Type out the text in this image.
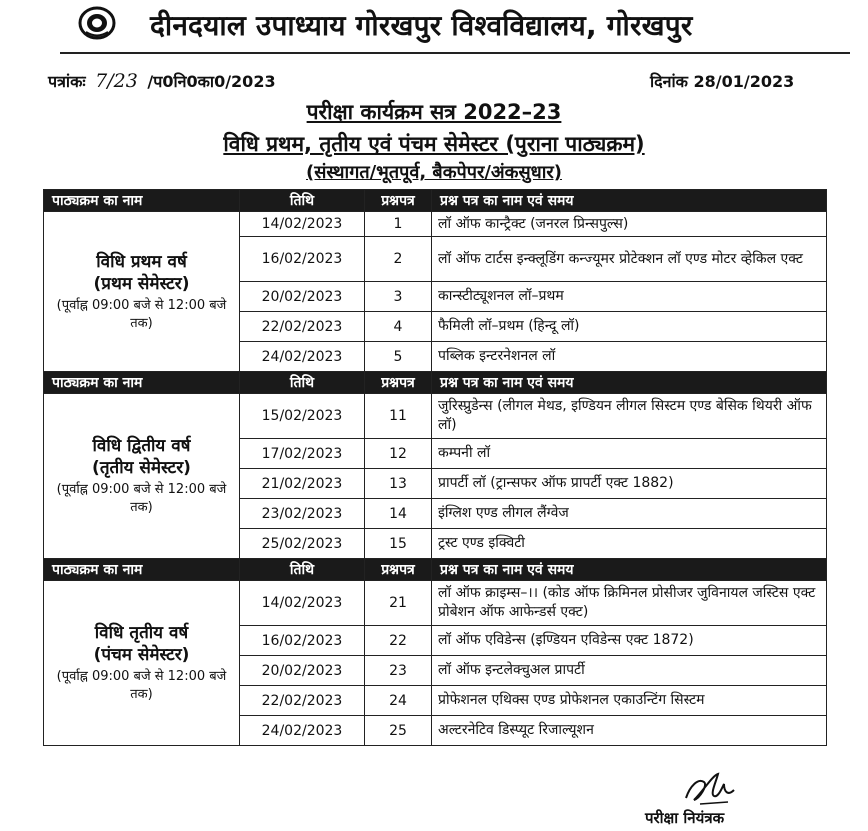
दीनदयाल उपाध्याय गोरखपुर विश्वविद्यालय, गोरखपुर
पत्रांकः 7/23 /प0नि0का0/2023	दिनांक 28/01/2023
परीक्षा कार्यक्रम सत्र 2022–23
विधि प्रथम, तृतीय एवं पंचम सेमेस्टर (पुराना पाठ्यक्रम)
(संस्थागत/भूतपूर्व, बैकपेपर/अंकसुधार)
पाठ्यक्रम का नाम	तिथि	प्रश्नपत्र	प्रश्न पत्र का नाम एवं समय

विधि प्रथम वर्ष
(प्रथम सेमेस्टर)
(पूर्वाह्न 09:00 बजे से 12:00 बजे तक)	14/02/2023	1	लॉ ऑफ कान्ट्रैक्ट (जनरल प्रिन्सपुल्स)
	16/02/2023	2	लॉ ऑफ टार्टस इन्क्लूडिंग कन्ज्यूमर प्रोटेक्शन लॉ एण्ड मोटर व्हेकिल एक्ट
	20/02/2023	3	कान्स्टीट्यूशनल लॉ–प्रथम
	22/02/2023	4	फैमिली लॉ–प्रथम (हिन्दू लॉ)
	24/02/2023	5	पब्लिक इन्टरनेशनल लॉ
पाठ्यक्रम का नाम	तिथि	प्रश्नपत्र	प्रश्न पत्र का नाम एवं समय

विधि द्वितीय वर्ष
(तृतीय सेमेस्टर)
(पूर्वाह्न 09:00 बजे से 12:00 बजे तक)	15/02/2023	11	जुरिस्प्रुडेन्स (लीगल मेथड, इण्डियन लीगल सिस्टम एण्ड बेसिक थियरी ऑफ लॉ)
	17/02/2023	12	कम्पनी लॉ
	21/02/2023	13	प्रापर्टी लॉ (ट्रान्सफर ऑफ प्रापर्टी एक्ट 1882)
	23/02/2023	14	इंग्लिश एण्ड लीगल लैंग्वेज
	25/02/2023	15	ट्रस्ट एण्ड इक्विटी
पाठ्यक्रम का नाम	तिथि	प्रश्नपत्र	प्रश्न पत्र का नाम एवं समय

विधि तृतीय वर्ष
(पंचम सेमेस्टर)
(पूर्वाह्न 09:00 बजे से 12:00 बजे तक)	14/02/2023	21	लॉ ऑफ क्राइम्स–।। (कोड ऑफ क्रिमिनल प्रोसीजर जुविनायल जस्टिस एक्ट प्रोबेशन ऑफ आफेन्डर्स एक्ट)
	16/02/2023	22	लॉ ऑफ एविडेन्स (इण्डियन एविडेन्स एक्ट 1872)
	20/02/2023	23	लॉ ऑफ इन्टलेक्चुअल प्रापर्टी
	22/02/2023	24	प्रोफेशनल एथिक्स एण्ड प्रोफेशनल एकाउन्टिंग सिस्टम
	24/02/2023	25	अल्टरनेटिव डिस्प्यूट रिजाल्यूशन
परीक्षा नियंत्रक
